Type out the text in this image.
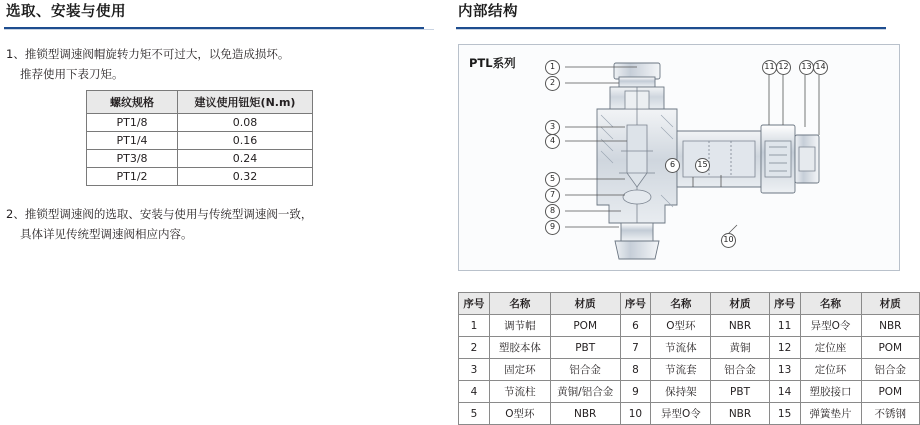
选取、安装与使用
1、推锁型调速阀帽旋转力矩不可过大，以免造成损坏。
推荐使用下表刀矩。
螺纹规格	建议使用钮矩(N.m)
PT1/8	0.08
PT1/4	0.16
PT3/8	0.24
PT1/2	0.32
2、推锁型调速阀的选取、安装与使用与传统型调速阀一致，
具体详见传统型调速阀相应内容。
内部结构
PTL系列	1
2
3
4
5
6
7
8
9
10
11 12	13 14
15
序号	名称	材质	序号	名称	材质	序号	名称	材质
1	调节帽	POM	6	O型环	NBR	11	异型O令	NBR
2	塑胶本体	PBT	7	节流体	黄铜	12	定位座	POM
3	固定环	铝合金	8	节流套	铝合金	13	定位环	铝合金
4	节流柱	黄铜/铝合金	9	保持架	PBT	14	塑胶接口	POM
5	O型环	NBR	10	异型O令	NBR	15	弹簧垫片	不锈钢
